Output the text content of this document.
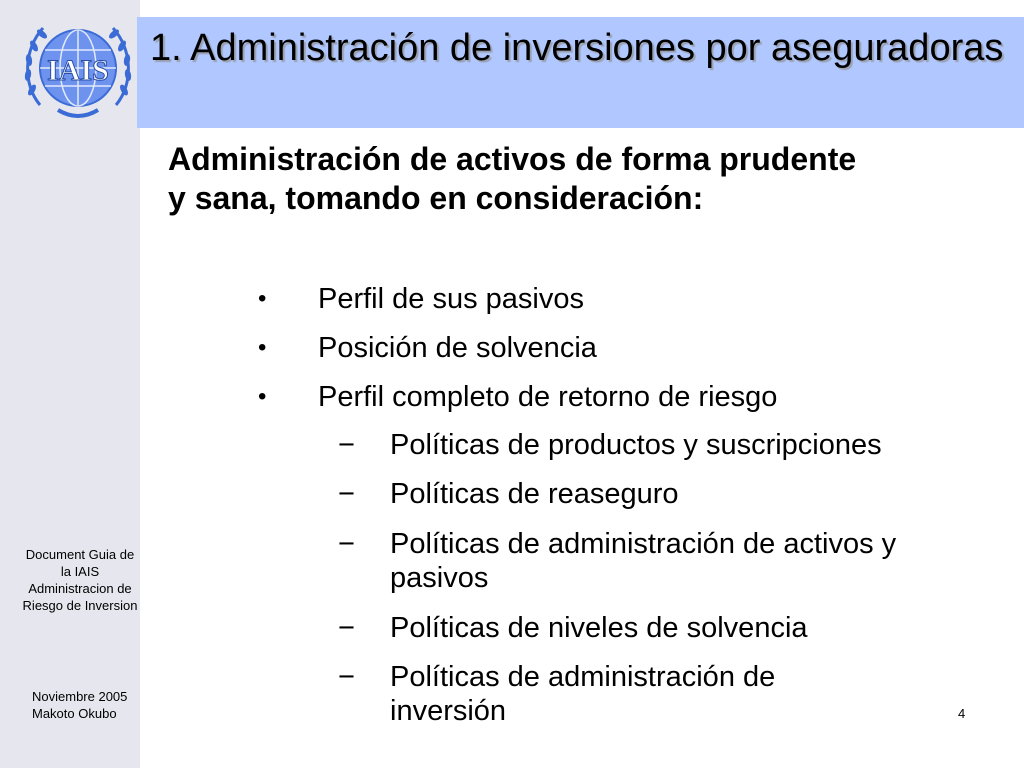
IAIS
1. Administración de inversiones por aseguradoras
Administración de activos de forma prudente y sana, tomando en consideración:
• Perfil de sus pasivos
• Posición de solvencia
• Perfil completo de retorno de riesgo
− Políticas de productos y suscripciones
− Políticas de reaseguro
− Políticas de administración de activos y pasivos
− Políticas de niveles de solvencia
− Políticas de administración de inversión
Document Guia de la IAIS Administracion de Riesgo de Inversion
Noviembre 2005
Makoto Okubo	4
